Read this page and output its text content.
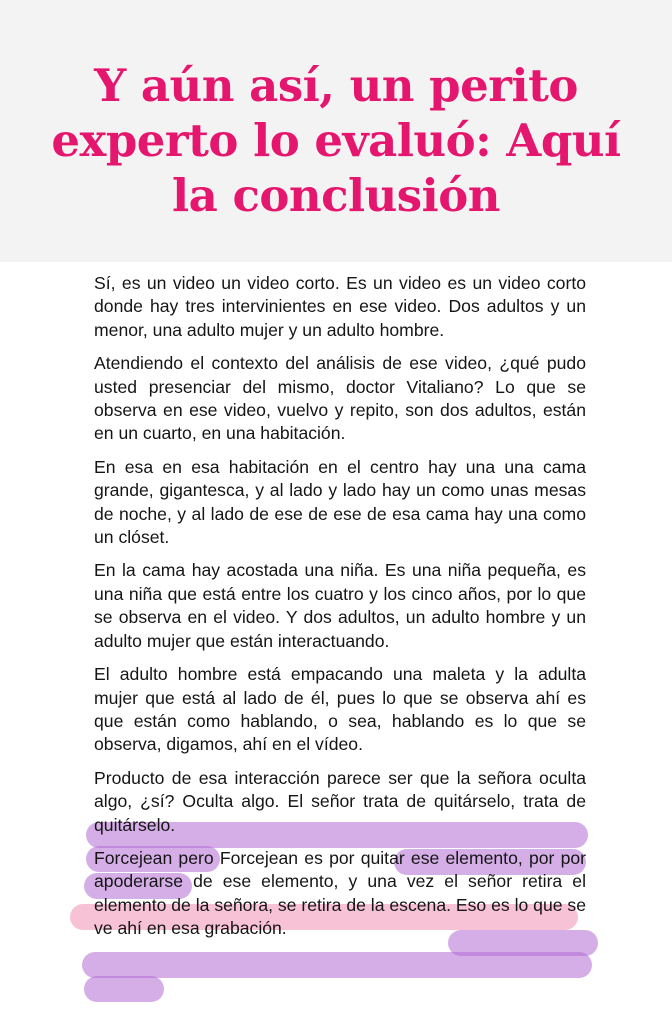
Y aún así, un perito experto lo evaluó: Aquí la conclusión

Sí, es un video un video corto. Es un video es un video corto donde hay tres intervinientes en ese video. Dos adultos y un menor, una adulto mujer y un adulto hombre.

Atendiendo el contexto del análisis de ese video, ¿qué pudo usted presenciar del mismo, doctor Vitaliano? Lo que se observa en ese video, vuelvo y repito, son dos adultos, están en un cuarto, en una habitación.

En esa en esa habitación en el centro hay una una cama grande, gigantesca, y al lado y lado hay un como unas mesas de noche, y al lado de ese de ese de esa cama hay una como un clóset.

En la cama hay acostada una niña. Es una niña pequeña, es una niña que está entre los cuatro y los cinco años, por lo que se observa en el video. Y dos adultos, un adulto hombre y un adulto mujer que están interactuando.

El adulto hombre está empacando una maleta y la adulta mujer que está al lado de él, pues lo que se observa ahí es que están como hablando, o sea, hablando es lo que se observa, digamos, ahí en el vídeo.

Producto de esa interacción parece ser que la señora oculta algo, ¿sí? Oculta algo. El señor trata de quitárselo, trata de quitárselo.

Forcejean pero Forcejean es por quitar ese elemento, por por apoderarse de ese elemento, y una vez el señor retira el elemento de la señora, se retira de la escena. Eso es lo que se ve ahí en esa grabación.
